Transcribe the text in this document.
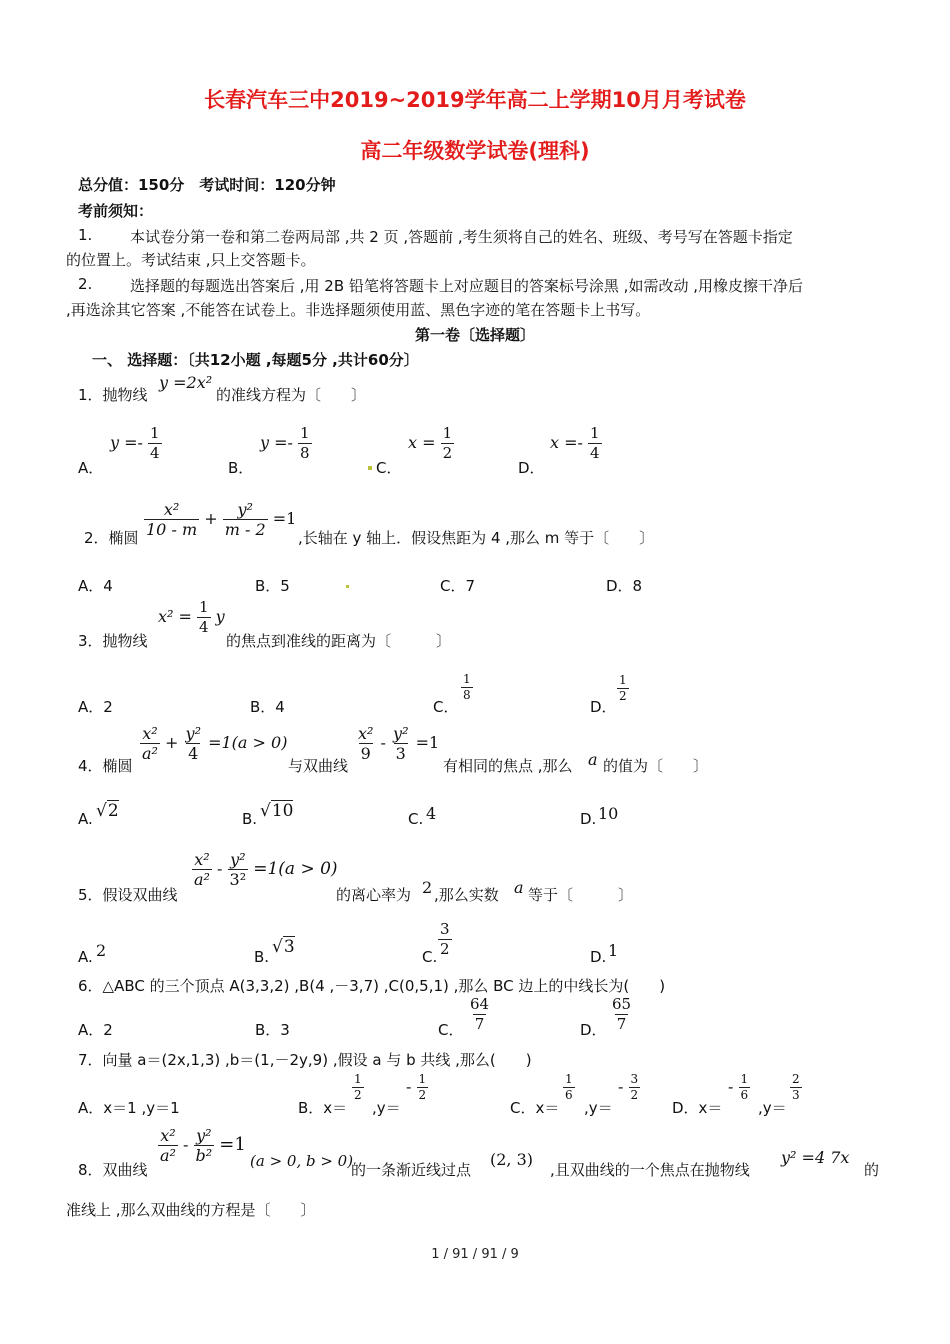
长春汽车三中2019~2019学年高二上学期10月月考试卷
高二年级数学试卷(理科)
总分值：150分　考试时间：120分钟
考前须知：
1.	本试卷分第一卷和第二卷两局部 ,共 2 页 ,答题前 ,考生须将自己的姓名、班级、考号写在答题卡指定
的位置上。考试结束 ,只上交答题卡。
2.	选择题的每题选出答案后 ,用 2B 铅笔将答题卡上对应题目的答案标号涂黑 ,如需改动 ,用橡皮擦干净后
,再选涂其它答案 ,不能答在试卷上。非选择题须使用蓝、黑色字迹的笔在答题卡上书写。
第一卷〔选择题〕
一、 选择题：〔共12小题 ,每题5分 ,共计60分〕
1．抛物线
y =2x²
的准线方程为〔　　〕
A．
$y =- \frac{1}{4}$
B．
$y =- \frac{1}{8}$
C．
$x = \frac{1}{2}$
D．
$x =- \frac{1}{4}$
2．椭圆 $\frac{\text{x²}}{10 - m} + \frac{\text{y²}}{m - 2} =1$
,长轴在 y 轴上．假设焦距为 4 ,那么 m 等于〔　　〕
A．4	B．5	C．7	D．8
3．抛物线
$x^2 = \frac{1}{4}$ y
的焦点到准线的距离为〔　　　〕
A．2	B．4	C．
$\frac{1}{8}$
D．
$\frac{1}{2}$
4．椭圆
$\frac{\text{x²}}{\text{a²}} + \frac{\text{y²}}{4} =1(a > 0)$
与双曲线
$\frac{\text{x²}}{9} - \frac{\text{y²}}{3} =1$
有相同的焦点 ,那么 a 的值为〔　　〕
A. √2	B. √10	C. 4	D. 10
5．假设双曲线
$\frac{\text{x²}}{\text{a²}} - \frac{\text{y²}}{\text{3²}} =1(a > 0)$
的离心率为 2 ,那么实数 a 等于〔　　　〕
A. 2	B. √3	C. $\frac{3}{2}$	D. 1
6．△ABC 的三个顶点 A(3,3,2) ,B(4 ,－3,7) ,C(0,5,1) ,那么 BC 边上的中线长为(　　)
A．2	B．3	C． $\frac{64}{7}$	D． $\frac{65}{7}$
7．向量 a＝(2x,1,3) ,b＝(1,－2y,9) ,假设 a 与 b 共线 ,那么(　　)
A．x＝1 ,y＝1	B．x＝
$\frac{1}{2}$
,y＝
- $\frac{1}{2}$
C．x＝
$\frac{1}{6}$
,y＝
- $\frac{3}{2}$
D．x＝
- $\frac{1}{6}$
,y＝
$\frac{2}{3}$
8．双曲线
$\frac{\text{x²}}{\text{a²}} - \frac{\text{y²}}{\text{b²}} =1$
(a > 0, b > 0)
的一条渐近线过点
(2, 3)
,且双曲线的一个焦点在抛物线
y² =4 7x
的
准线上 ,那么双曲线的方程是〔　　〕
1 / 91 / 91 / 9
